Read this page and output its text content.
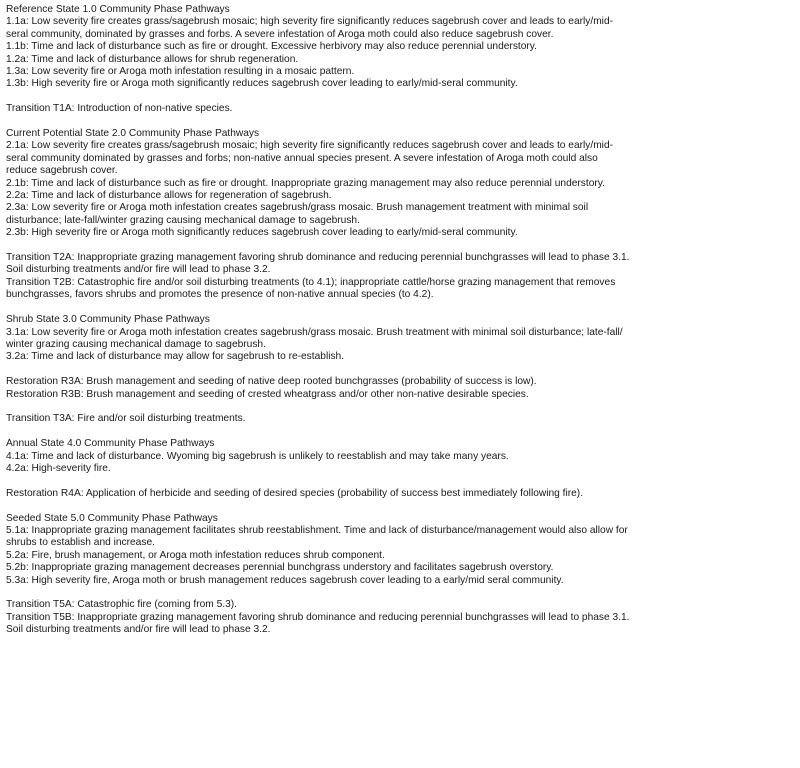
Reference State 1.0 Community Phase Pathways
1.1a: Low severity fire creates grass/sagebrush mosaic; high severity fire significantly reduces sagebrush cover and leads to early/mid-
seral community, dominated by grasses and forbs. A severe infestation of Aroga moth could also reduce sagebrush cover.
1.1b: Time and lack of disturbance such as fire or drought. Excessive herbivory may also reduce perennial understory.
1.2a: Time and lack of disturbance allows for shrub regeneration.
1.3a: Low severity fire or Aroga moth infestation resulting in a mosaic pattern.
1.3b: High severity fire or Aroga moth significantly reduces sagebrush cover leading to early/mid-seral community.
Transition T1A: Introduction of non-native species.
Current Potential State 2.0 Community Phase Pathways
2.1a: Low severity fire creates grass/sagebrush mosaic; high severity fire significantly reduces sagebrush cover and leads to early/mid-
seral community dominated by grasses and forbs; non-native annual species present. A severe infestation of Aroga moth could also
reduce sagebrush cover.
2.1b: Time and lack of disturbance such as fire or drought. Inappropriate grazing management may also reduce perennial understory.
2.2a: Time and lack of disturbance allows for regeneration of sagebrush.
2.3a: Low severity fire or Aroga moth infestation creates sagebrush/grass mosaic. Brush management treatment with minimal soil
disturbance; late-fall/winter grazing causing mechanical damage to sagebrush.
2.3b: High severity fire or Aroga moth significantly reduces sagebrush cover leading to early/mid-seral community.
Transition T2A: Inappropriate grazing management favoring shrub dominance and reducing perennial bunchgrasses will lead to phase 3.1.
Soil disturbing treatments and/or fire will lead to phase 3.2.
Transition T2B: Catastrophic fire and/or soil disturbing treatments (to 4.1); inappropriate cattle/horse grazing management that removes
bunchgrasses, favors shrubs and promotes the presence of non-native annual species (to 4.2).
Shrub State 3.0 Community Phase Pathways
3.1a: Low severity fire or Aroga moth infestation creates sagebrush/grass mosaic. Brush treatment with minimal soil disturbance; late-fall/
winter grazing causing mechanical damage to sagebrush.
3.2a: Time and lack of disturbance may allow for sagebrush to re-establish.
Restoration R3A: Brush management and seeding of native deep rooted bunchgrasses (probability of success is low).
Restoration R3B: Brush management and seeding of crested wheatgrass and/or other non-native desirable species.
Transition T3A: Fire and/or soil disturbing treatments.
Annual State 4.0 Community Phase Pathways
4.1a: Time and lack of disturbance. Wyoming big sagebrush is unlikely to reestablish and may take many years.
4.2a: High-severity fire.
Restoration R4A: Application of herbicide and seeding of desired species (probability of success best immediately following fire).
Seeded State 5.0 Community Phase Pathways
5.1a: Inappropriate grazing management facilitates shrub reestablishment. Time and lack of disturbance/management would also allow for
shrubs to establish and increase.
5.2a: Fire, brush management, or Aroga moth infestation reduces shrub component.
5.2b: Inappropriate grazing management decreases perennial bunchgrass understory and facilitates sagebrush overstory.
5.3a: High severity fire, Aroga moth or brush management reduces sagebrush cover leading to a early/mid seral community.
Transition T5A: Catastrophic fire (coming from 5.3).
Transition T5B: Inappropriate grazing management favoring shrub dominance and reducing perennial bunchgrasses will lead to phase 3.1.
Soil disturbing treatments and/or fire will lead to phase 3.2.
